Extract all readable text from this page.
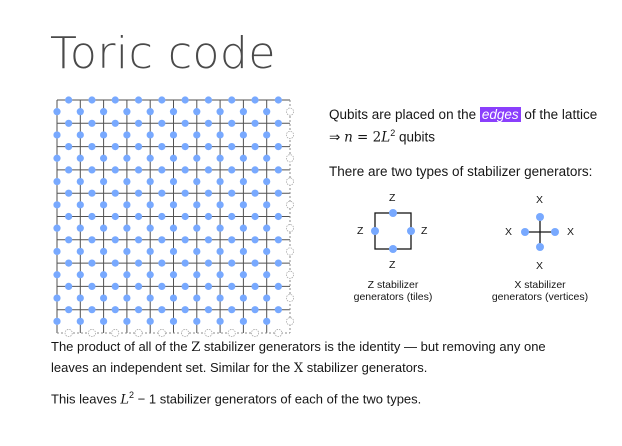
Toric code
Qubits are placed on the edges of the lattice
⇒ $n = 2L^2$ qubits
There are two types of stabilizer generators:
Z
Z	Z
Z
Z stabilizer
generators (tiles)
X
X	X
X
X stabilizer
generators (vertices)
The product of all of the Z stabilizer generators is the identity — but removing any one
leaves an independent set. Similar for the X stabilizer generators.
This leaves $L^2 - 1$ stabilizer generators of each of the two types.
